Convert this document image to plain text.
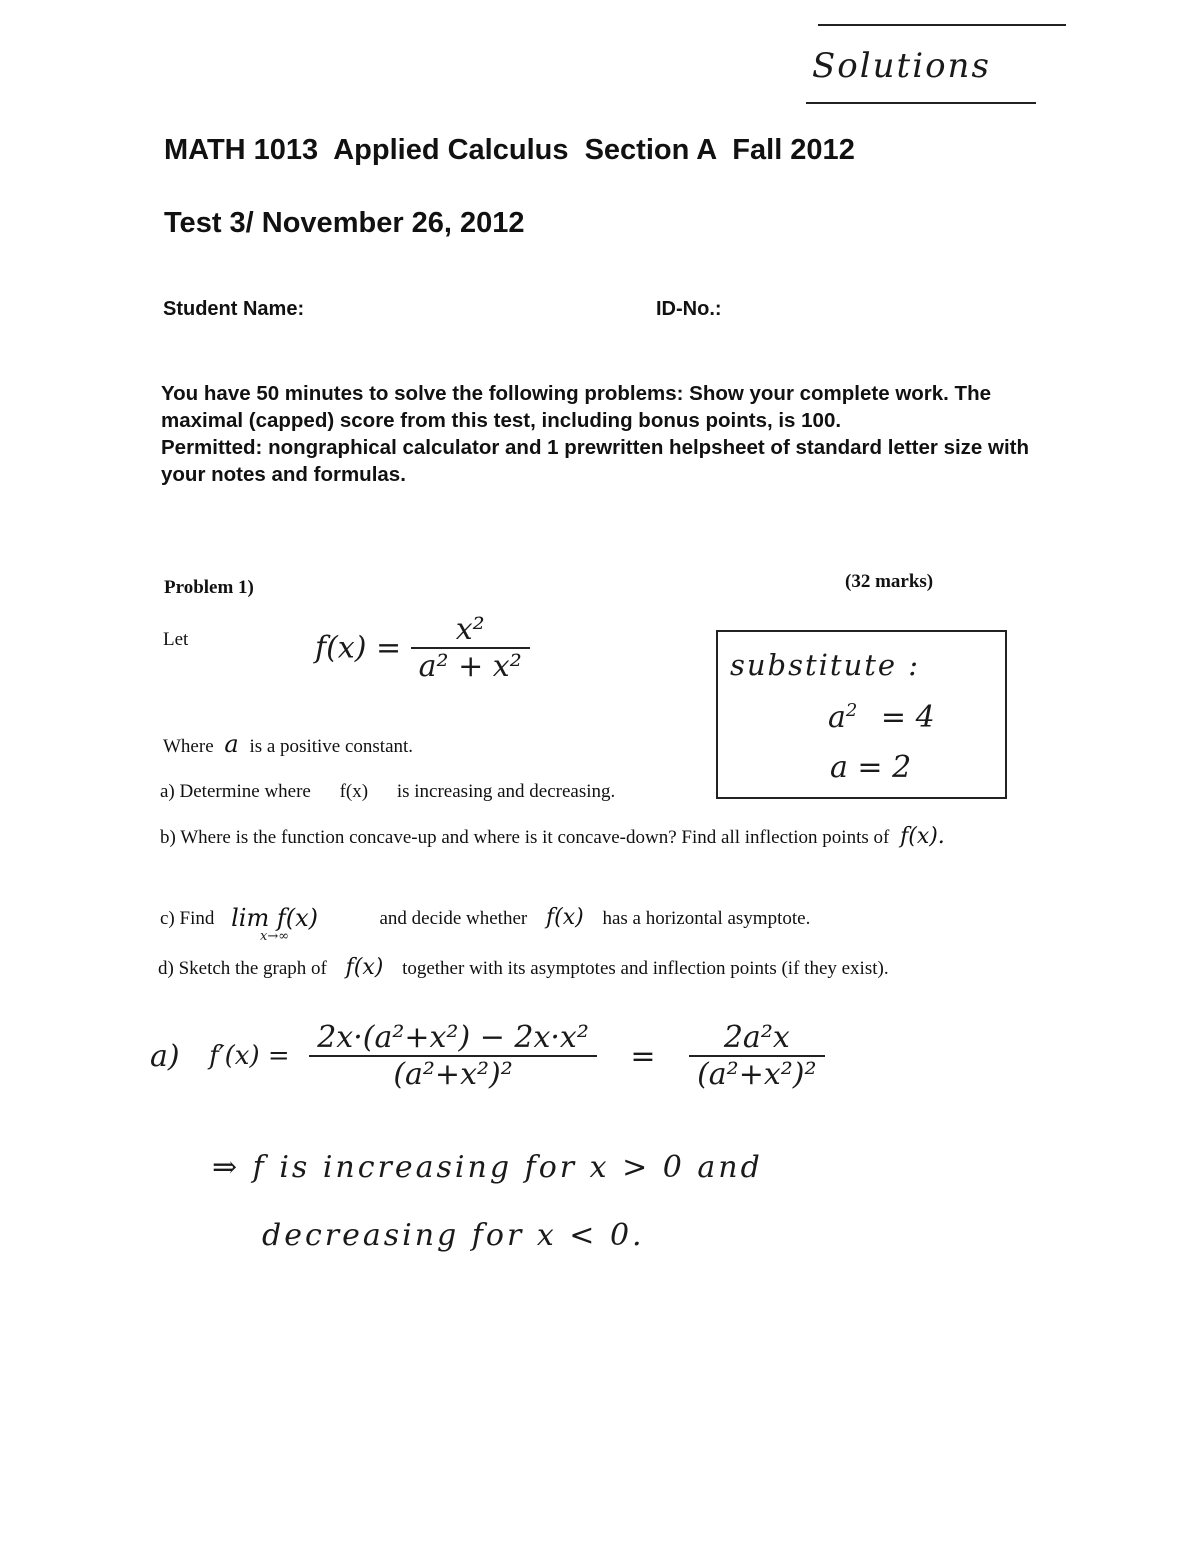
Solutions
MATH 1013  Applied Calculus  Section A  Fall 2012
Test 3/ November 26, 2012
Student Name:	ID-No.:

You have 50 minutes to solve the following problems: Show your complete work. The maximal (capped) score from this test, including bonus points, is 100.

Permitted: nongraphical calculator and 1 prewritten helpsheet of standard letter size with your notes and formulas.

Problem 1)	(32 marks)
Let	$f(x) = \frac{\text{x²}}{\text{a² + x²}}$
Where a is a positive constant.
a) Determine where f(x) is increasing and decreasing.
b) Where is the function concave-up and where is it concave-down? Find all inflection points of f(x).
c) Find lim f(x)
x→∞
and decide whether f(x) has a horizontal asymptote.
d) Sketch the graph of f(x) together with its asymptotes and inflection points (if they exist).
substitute :
$a^2 = 4$
a = 2
a) $f'(x) = \frac{\text{2x·(a²+x²) − 2x·x²}}{\text{(a²+x²)²}} = \frac{\text{2a²x}}{\text{(a²+x²)²}}$
⇒ f is increasing for x > 0 and
decreasing for x < 0.
